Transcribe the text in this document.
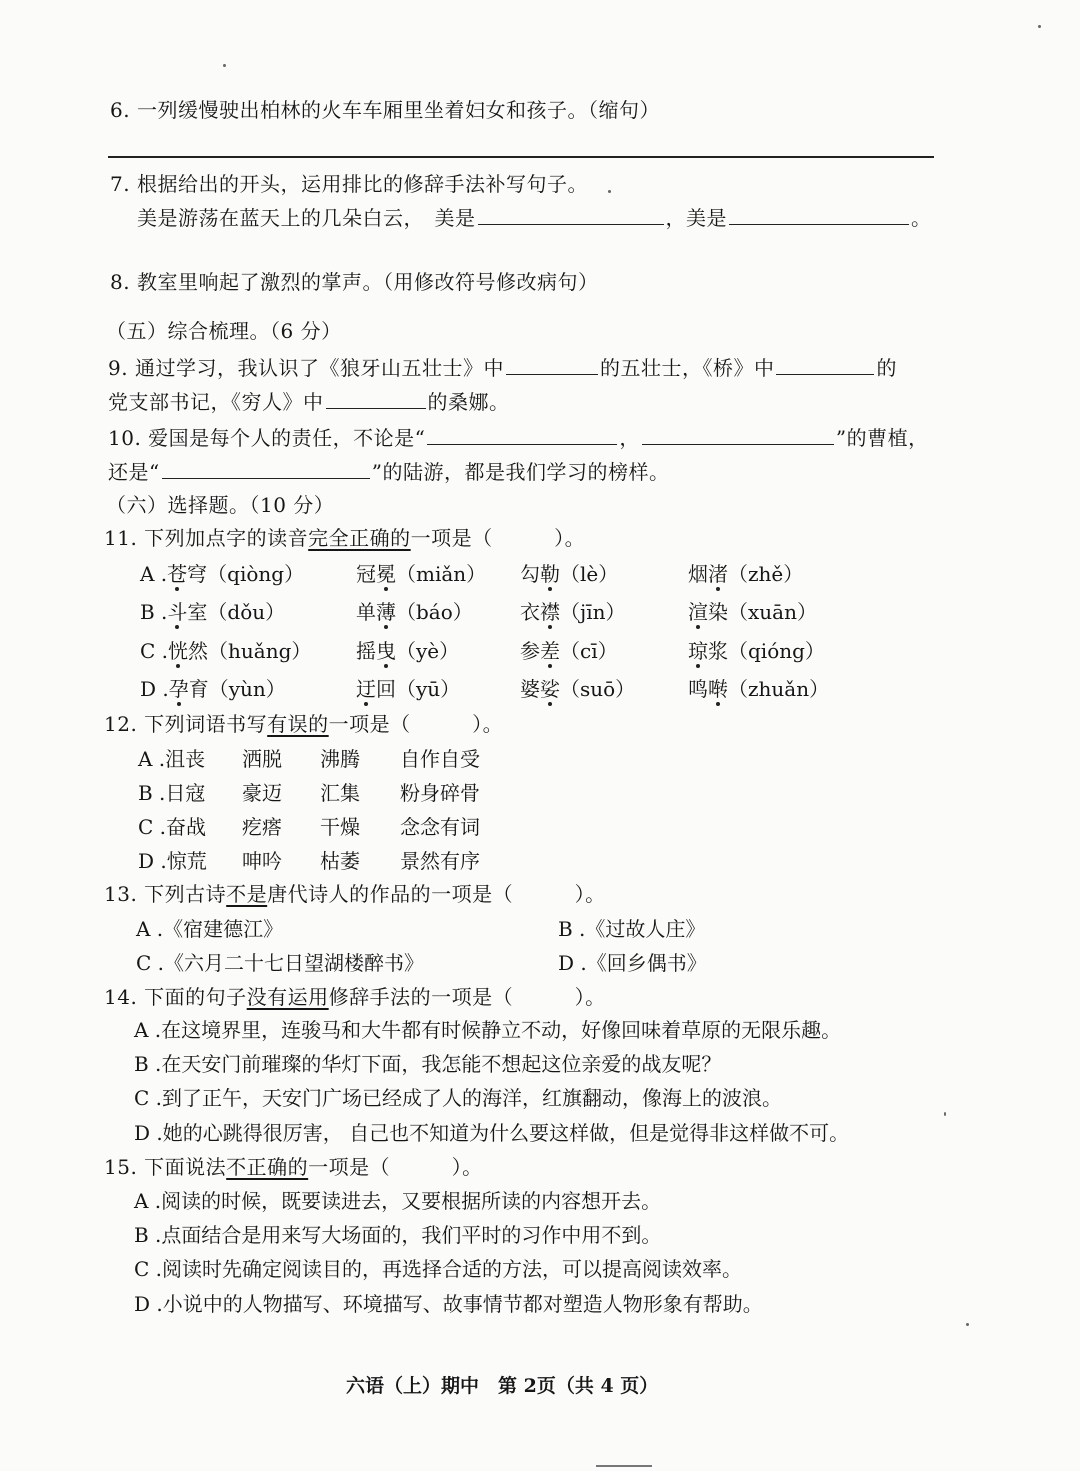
6. 一列缓慢驶出柏林的火车车厢里坐着妇女和孩子。（缩句）
7. 根据给出的开头，运用排比的修辞手法补写句子。
美是游荡在蓝天上的几朵白云，　 美是	，美是	。
8. 教室里响起了激烈的掌声。（用修改符号修改病句）
（五）综合梳理。（6 分）
9. 通过学习，我认识了《狼牙山五壮士》中	的五壮士，《桥》中	的
党支部书记，《穷人》中	的桑娜。
10. 爱国是每个人的责任，不论是“	，	”的曹植，
还是“	”的陆游，都是我们学习的榜样。
（六）选择题。（10 分）
11. 下列加点字的读音完全正确的一项是（　　　）。
A .苍穹（qiòng）	冠冕（miǎn） 勾勒（lè）	烟渚（zhě）
B .斗室（dǒu）	单薄（báo） 衣襟（jīn）	渲染（xuān）
C .恍然（huǎng） 摇曳（yè）	参差（cī）	琼浆（qióng）
D .孕育（yùn）	迂回（yū）	婆娑（suō）	鸣啭（zhuǎn）
12. 下列词语书写有误的一项是（　　　）。
A .沮丧 洒脱 沸腾 自作自受
B .日寇 豪迈 汇集 粉身碎骨
C .奋战 疙瘩 干燥 念念有词
D .惊荒 呻吟 枯萎 景然有序
13. 下列古诗不是唐代诗人的作品的一项是（　　　）。
A .《宿建德江》	B .《过故人庄》
C .《六月二十七日望湖楼醉书》	D .《回乡偶书》
14. 下面的句子没有运用修辞手法的一项是（　　　）。
A .在这境界里，连骏马和大牛都有时候静立不动，好像回味着草原的无限乐趣。
B .在天安门前璀璨的华灯下面，我怎能不想起这位亲爱的战友呢？
C .到了正午，天安门广场已经成了人的海洋，红旗翻动，像海上的波浪。
D .她的心跳得很厉害， 自己也不知道为什么要这样做，但是觉得非这样做不可。
15. 下面说法不正确的一项是（　　　）。
A .阅读的时候，既要读进去，又要根据所读的内容想开去。
B .点面结合是用来写大场面的，我们平时的习作中用不到。
C .阅读时先确定阅读目的，再选择合适的方法，可以提高阅读效率。
D .小说中的人物描写、环境描写、故事情节都对塑造人物形象有帮助。
六语（上）期中　第 2页（共 4 页）
